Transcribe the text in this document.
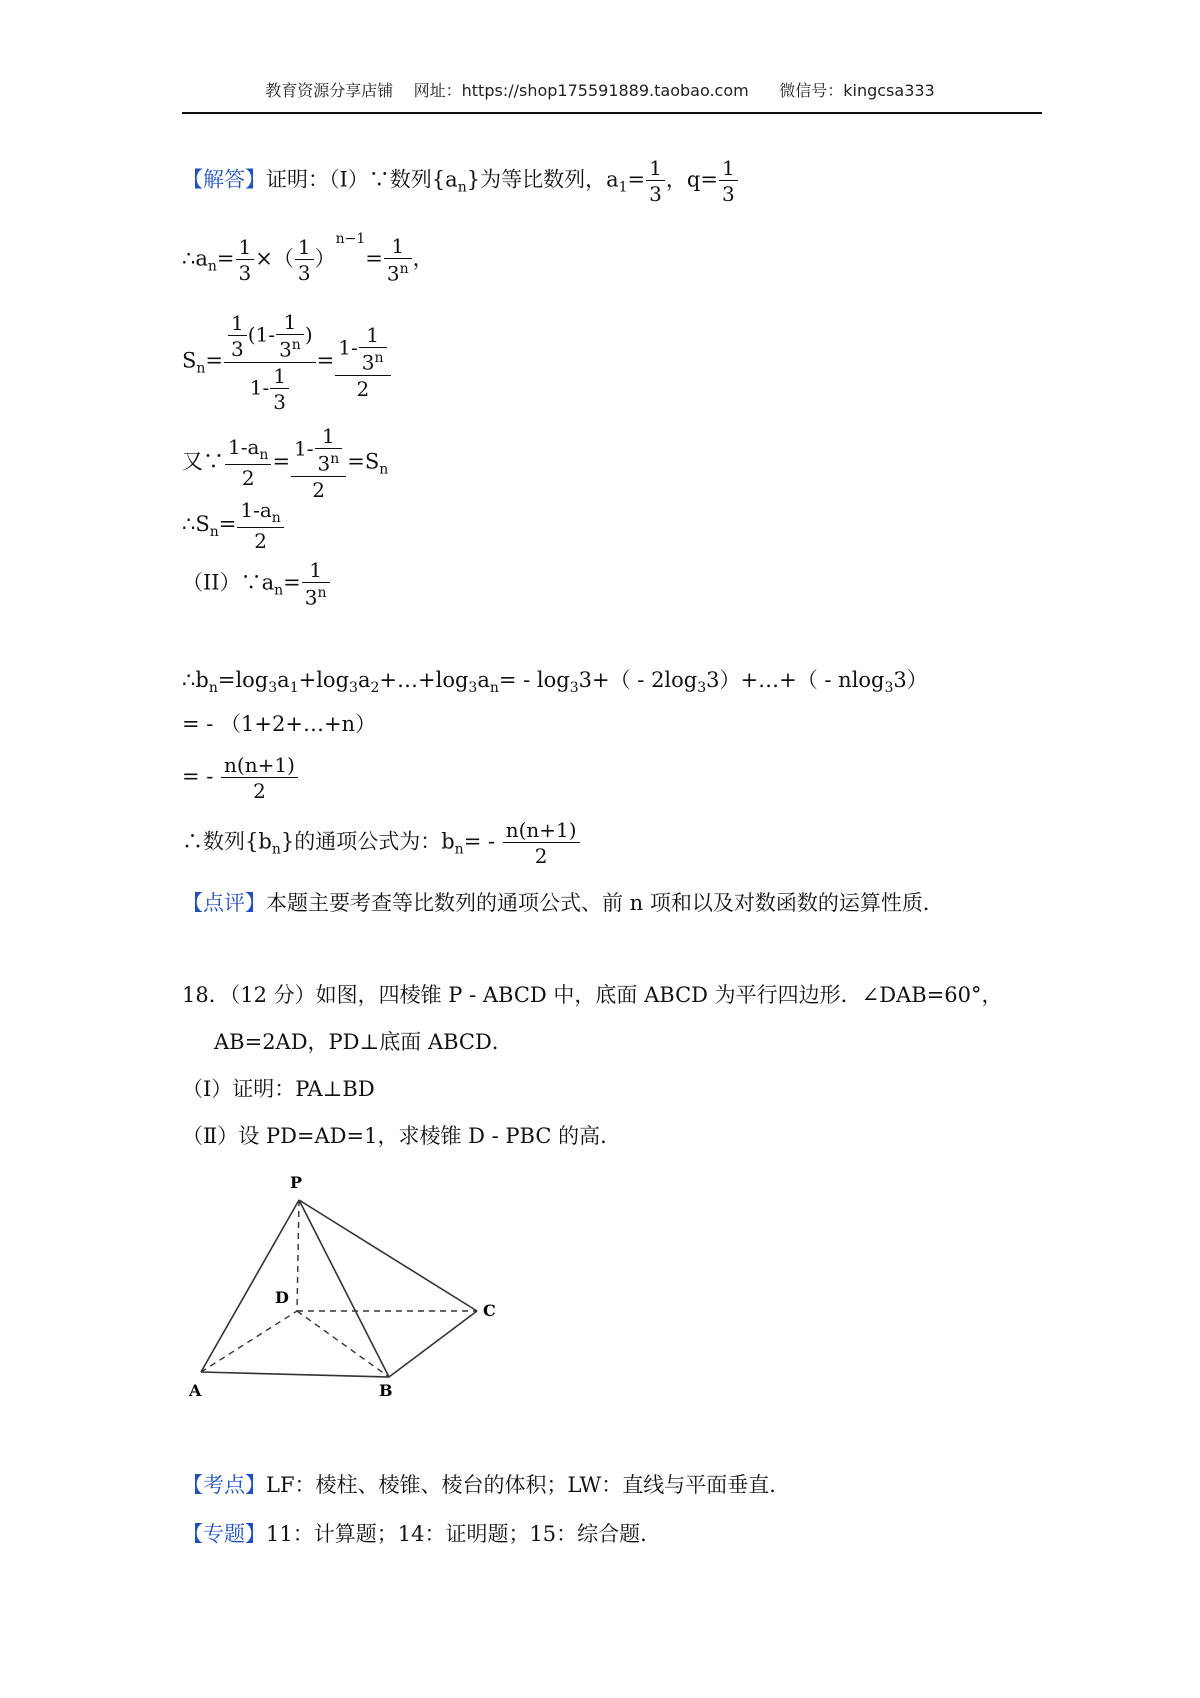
教育资源分享店铺 网址：https://shop175591889.taobao.com 微信号：kingcsa333
【解答】证明：（I）∵数列$\{a_n\}$为等比数列，$a_1= \frac{1}{3}$ ，$q= \frac{1}{3}$
$\therefore a_n= \frac{1}{3}$ ×（ $\frac{1}{3} )^{n-1}= \frac{1}{3^n}$ ，
$S_n= \frac{\frac{1}{3} (1- \frac{1}{3^n} )}{1- \frac{1}{3}} = \frac{1- \frac{1}{3^n}}{2}$
又∵ $\frac{1-a_n}{2} = \frac{1- \frac{1}{3^n}}{2} =S_n$
$\therefore S_n= \frac{1-a_n}{2}$
$(II)\because a_n= \frac{1}{3^n}$
$\therefore b_n=\log_3a_1+\log_3a_2+\dots+\log_3a_n= - \log_33+$（ - $2\log_33)+\dots+( - nlog_33)$
= - （1+2+…+n）
= - $\frac{n(n+1)}{2}$
∴数列$\{b_n\}$的通项公式为：$b_n= - \frac{n(n+1)}{2}$
【点评】本题主要考查等比数列的通项公式、前 n 项和以及对数函数的运算性质．
18．（12 分）如图，四棱锥 P - ABCD 中，底面 ABCD 为平行四边形．∠DAB=60°，
AB=2AD，PD⊥底面 ABCD．
（Ⅰ）证明：PA⊥BD
（Ⅱ）设 PD=AD=1，求棱锥 D - PBC 的高．
P
D
C
A	B
【考点】LF：棱柱、棱锥、棱台的体积；LW：直线与平面垂直．
【专题】11：计算题；14：证明题；15：综合题．
